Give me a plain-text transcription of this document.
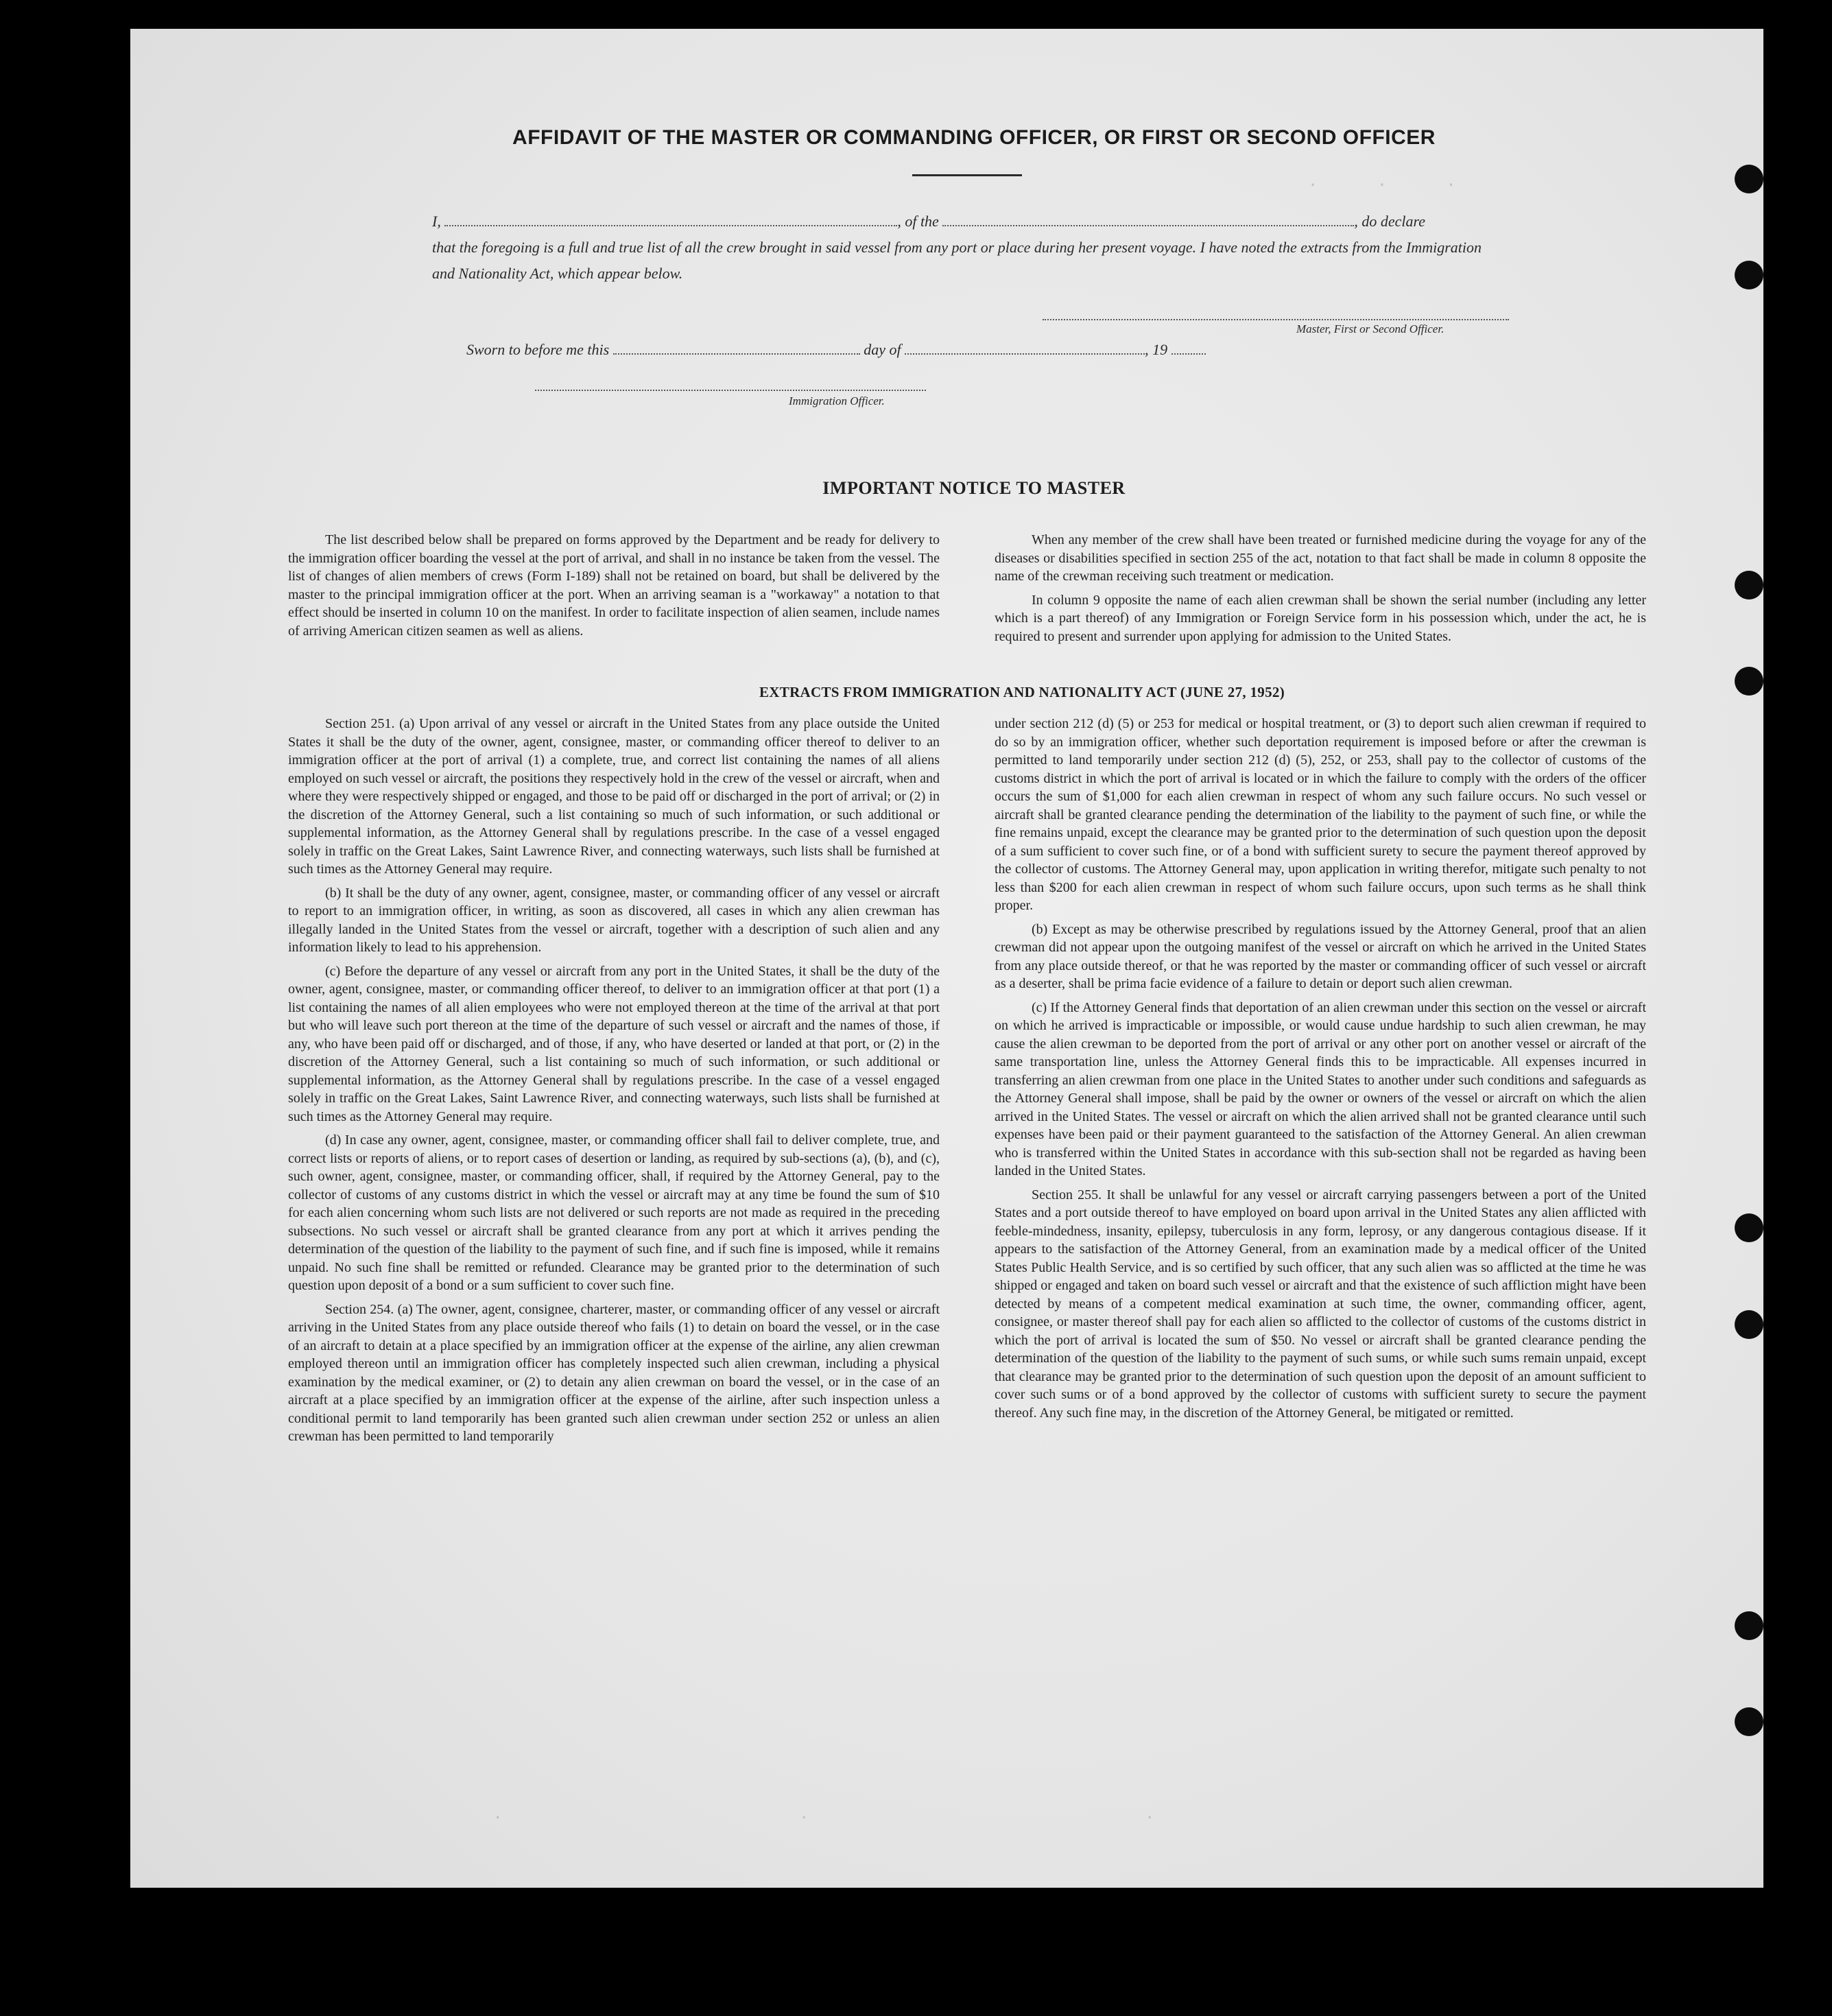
.      .      .
.                              .                                  .
AFFIDAVIT OF THE MASTER OR COMMANDING OFFICER, OR FIRST OR SECOND OFFICER
I,	, of the	, do declare
that the foregoing is a full and true list of all the crew brought in said vessel from any port or place during her present voyage. I have noted the extracts from the Immigration and Nationality Act, which appear below.
Master, First or Second Officer.
Sworn to before me this	day of	, 19
Immigration Officer.
IMPORTANT NOTICE TO MASTER

The list described below shall be prepared on forms approved by the Department and be ready for delivery to the immigration officer boarding the vessel at the port of arrival, and shall in no instance be taken from the vessel. The list of changes of alien members of crews (Form I-189) shall not be retained on board, but shall be delivered by the master to the principal immigration officer at the port. When an arriving seaman is a "workaway" a notation to that effect should be inserted in column 10 on the manifest. In order to facilitate inspection of alien seamen, include names of arriving American citizen seamen as well as aliens.

When any member of the crew shall have been treated or furnished medicine during the voyage for any of the diseases or disabilities specified in section 255 of the act, notation to that fact shall be made in column 8 opposite the name of the crewman receiving such treatment or medication.

In column 9 opposite the name of each alien crewman shall be shown the serial number (including any letter which is a part thereof) of any Immigration or Foreign Service form in his possession which, under the act, he is required to present and surrender upon applying for admission to the United States.

EXTRACTS FROM IMMIGRATION AND NATIONALITY ACT (JUNE 27, 1952)

Section 251. (a) Upon arrival of any vessel or aircraft in the United States from any place outside the United States it shall be the duty of the owner, agent, consignee, master, or commanding officer thereof to deliver to an immigration officer at the port of arrival (1) a complete, true, and correct list containing the names of all aliens employed on such vessel or aircraft, the positions they respectively hold in the crew of the vessel or aircraft, when and where they were respectively shipped or engaged, and those to be paid off or discharged in the port of arrival; or (2) in the discretion of the Attorney General, such a list containing so much of such information, or such additional or supplemental information, as the Attorney General shall by regulations prescribe. In the case of a vessel engaged solely in traffic on the Great Lakes, Saint Lawrence River, and connecting waterways, such lists shall be furnished at such times as the Attorney General may require.

(b) It shall be the duty of any owner, agent, consignee, master, or commanding officer of any vessel or aircraft to report to an immigration officer, in writing, as soon as discovered, all cases in which any alien crewman has illegally landed in the United States from the vessel or aircraft, together with a description of such alien and any information likely to lead to his apprehension.

(c) Before the departure of any vessel or aircraft from any port in the United States, it shall be the duty of the owner, agent, consignee, master, or commanding officer thereof, to deliver to an immigration officer at that port (1) a list containing the names of all alien employees who were not employed thereon at the time of the arrival at that port but who will leave such port thereon at the time of the departure of such vessel or aircraft and the names of those, if any, who have been paid off or discharged, and of those, if any, who have deserted or landed at that port, or (2) in the discretion of the Attorney General, such a list containing so much of such information, or such additional or supplemental information, as the Attorney General shall by regulations prescribe. In the case of a vessel engaged solely in traffic on the Great Lakes, Saint Lawrence River, and connecting waterways, such lists shall be furnished at such times as the Attorney General may require.

(d) In case any owner, agent, consignee, master, or commanding officer shall fail to deliver complete, true, and correct lists or reports of aliens, or to report cases of desertion or landing, as required by sub-sections (a), (b), and (c), such owner, agent, consignee, master, or commanding officer, shall, if required by the Attorney General, pay to the collector of customs of any customs district in which the vessel or aircraft may at any time be found the sum of $10 for each alien concerning whom such lists are not delivered or such reports are not made as required in the preceding subsections. No such vessel or aircraft shall be granted clearance from any port at which it arrives pending the determination of the question of the liability to the payment of such fine, and if such fine is imposed, while it remains unpaid. No such fine shall be remitted or refunded. Clearance may be granted prior to the determination of such question upon deposit of a bond or a sum sufficient to cover such fine.

Section 254. (a) The owner, agent, consignee, charterer, master, or commanding officer of any vessel or aircraft arriving in the United States from any place outside thereof who fails (1) to detain on board the vessel, or in the case of an aircraft to detain at a place specified by an immigration officer at the expense of the airline, any alien crewman employed thereon until an immigration officer has completely inspected such alien crewman, including a physical examination by the medical examiner, or (2) to detain any alien crewman on board the vessel, or in the case of an aircraft at a place specified by an immigration officer at the expense of the airline, after such inspection unless a conditional permit to land temporarily has been granted such alien crewman under section 252 or unless an alien crewman has been permitted to land temporarily

under section 212 (d) (5) or 253 for medical or hospital treatment, or (3) to deport such alien crewman if required to do so by an immigration officer, whether such deportation requirement is imposed before or after the crewman is permitted to land temporarily under section 212 (d) (5), 252, or 253, shall pay to the collector of customs of the customs district in which the port of arrival is located or in which the failure to comply with the orders of the officer occurs the sum of $1,000 for each alien crewman in respect of whom any such failure occurs. No such vessel or aircraft shall be granted clearance pending the determination of the liability to the payment of such fine, or while the fine remains unpaid, except the clearance may be granted prior to the determination of such question upon the deposit of a sum sufficient to cover such fine, or of a bond with sufficient surety to secure the payment thereof approved by the collector of customs. The Attorney General may, upon application in writing therefor, mitigate such penalty to not less than $200 for each alien crewman in respect of whom such failure occurs, upon such terms as he shall think proper.

(b) Except as may be otherwise prescribed by regulations issued by the Attorney General, proof that an alien crewman did not appear upon the outgoing manifest of the vessel or aircraft on which he arrived in the United States from any place outside thereof, or that he was reported by the master or commanding officer of such vessel or aircraft as a deserter, shall be prima facie evidence of a failure to detain or deport such alien crewman.

(c) If the Attorney General finds that deportation of an alien crewman under this section on the vessel or aircraft on which he arrived is impracticable or impossible, or would cause undue hardship to such alien crewman, he may cause the alien crewman to be deported from the port of arrival or any other port on another vessel or aircraft of the same transportation line, unless the Attorney General finds this to be impracticable. All expenses incurred in transferring an alien crewman from one place in the United States to another under such conditions and safeguards as the Attorney General shall impose, shall be paid by the owner or owners of the vessel or aircraft on which the alien arrived in the United States. The vessel or aircraft on which the alien arrived shall not be granted clearance until such expenses have been paid or their payment guaranteed to the satisfaction of the Attorney General. An alien crewman who is transferred within the United States in accordance with this sub-section shall not be regarded as having been landed in the United States.

Section 255. It shall be unlawful for any vessel or aircraft carrying passengers between a port of the United States and a port outside thereof to have employed on board upon arrival in the United States any alien afflicted with feeble-mindedness, insanity, epilepsy, tuberculosis in any form, leprosy, or any dangerous contagious disease. If it appears to the satisfaction of the Attorney General, from an examination made by a medical officer of the United States Public Health Service, and is so certified by such officer, that any such alien was so afflicted at the time he was shipped or engaged and taken on board such vessel or aircraft and that the existence of such affliction might have been detected by means of a competent medical examination at such time, the owner, commanding officer, agent, consignee, or master thereof shall pay for each alien so afflicted to the collector of customs of the customs district in which the port of arrival is located the sum of $50. No vessel or aircraft shall be granted clearance pending the determination of the question of the liability to the payment of such sums, or while such sums remain unpaid, except that clearance may be granted prior to the determination of such question upon the deposit of an amount sufficient to cover such sums or of a bond approved by the collector of customs with sufficient surety to secure the payment thereof. Any such fine may, in the discretion of the Attorney General, be mitigated or remitted.
